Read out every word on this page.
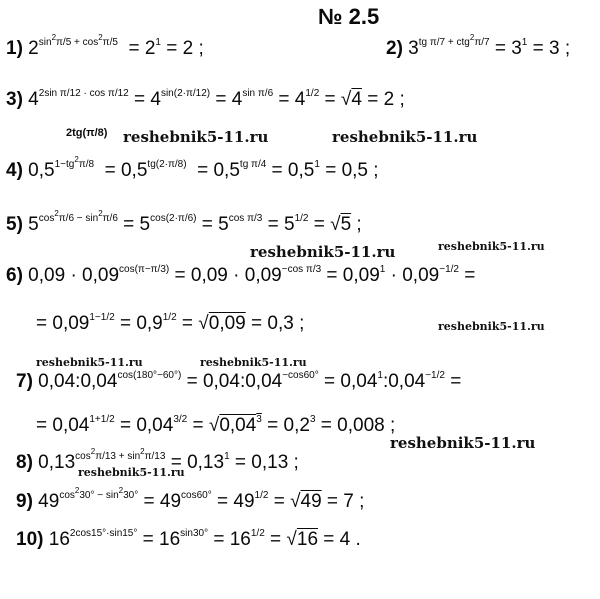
№ 2.5
1) $2^{sin^2\pi/5 + cos^2\pi/5} = 2^1 = 2$ ;	2) $3^{tg \pi/7 + ctg^2\pi/7} = 3^1 = 3$ ;
3) $4^{2sin \pi/12 \cdot cos \pi/12} = 4^{sin(2\cdot\pi/12)} = 4^{sin \pi/6} = 4^{1/2} = √4 = 2$ ;
2tg(π/8)
4) $0,5^{1-tg^2\pi/8} = 0,5^{tg(2\cdot\pi/8)} = 0,5^{tg \pi/4} = 0,5^1 = 0,5$ ;
5) $5^{cos^2\pi/6 - sin^2\pi/6} = 5^{cos(2\cdot\pi/6)} = 5^{cos \pi/3} = 5^{1/2} = √5$ ;
6) $0,09 \cdot 0,09^{cos(\pi-\pi/3)} = 0,09 \cdot 0,09^{-cos \pi/3} = 0,09^1 \cdot 0,09^{-1/2}$ =
= $0,09^{1-1/2} = 0,9^{1/2} = √0,09 = 0,3$ ;
7) $0,04:0,04^{cos(180^\circ-60^\circ)}$ = $0,04:0,04^{-cos60^\circ}$ = $0,04^1:0,04^{-1/2}$ =
= $0,04^{1+1/2} = 0,04^{3/2} = √0,04^3 = 0,2^3 = 0,008$ ;
8) $0,13^{cos^2\pi/13 + sin^2\pi/13} = 0,13^1 = 0,13$ ;
9) $49^{cos^230^\circ - sin^230^\circ} = 49^{cos60^\circ} = 49^{1/2} = √49 = 7$ ;
10) $16^{2cos15^\circ\cdot sin15^\circ} = 16^{sin30^\circ} = 16^{1/2} = √16 = 4$ .
reshebnik5-11.ru	reshebnik5-11.ru
reshebnik5-11.ru	reshebnik5-11.ru
reshebnik5-11.ru
reshebnik5-11.ru	reshebnik5-11.ru
reshebnik5-11.ru
reshebnik5-11.ru
